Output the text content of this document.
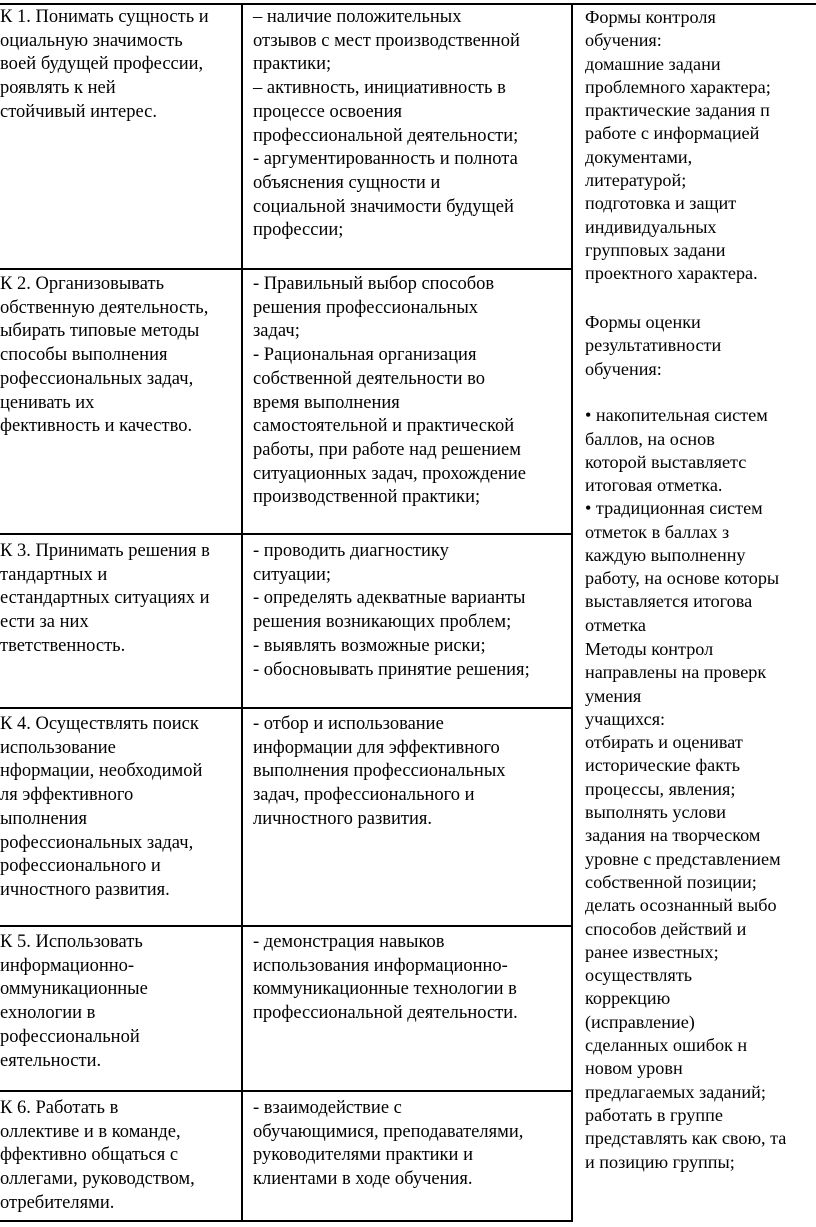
К 1. Понимать сущность и
оциальную значимость
воей будущей профессии,
роявлять к ней
стойчивый интерес.
К 2. Организовывать
обственную деятельность,
ыбирать типовые методы
способы выполнения
рофессиональных задач,
ценивать их
фективность и качество.
К 3. Принимать решения в
тандартных и
естандартных ситуациях и
ести за них
тветственность.
К 4. Осуществлять поиск
использование
нформации, необходимой
ля эффективного
ыполнения
рофессиональных задач,
рофессионального и
ичностного развития.
К 5. Использовать
информационно-
оммуникационные
ехнологии в
рофессиональной
еятельности.
К 6. Работать в
оллективе и в команде,
ффективно общаться с
оллегами, руководством,
отребителями.
– наличие положительных
отзывов с мест производственной
практики;
– активность, инициативность в
процессе освоения
профессиональной деятельности;
- аргументированность и полнота
объяснения сущности и
социальной значимости будущей
профессии;
- Правильный выбор способов
решения профессиональных
задач;
- Рациональная организация
собственной деятельности во
время выполнения
самостоятельной и практической
работы, при работе над решением
ситуационных задач, прохождение
производственной практики;
- проводить диагностику
ситуации;
- определять адекватные варианты
решения возникающих проблем;
- выявлять возможные риски;
- обосновывать принятие решения;
- отбор и использование
информации для эффективного
выполнения профессиональных
задач, профессионального и
личностного развития.
- демонстрация навыков
использования информационно-
коммуникационные технологии в
профессиональной деятельности.
- взаимодействие с
обучающимися, преподавателями,
руководителями практики и
клиентами в ходе обучения.
Формы контроля
обучения:
домашние задани
проблемного характера;
практические задания п
работе с информацией
документами,
литературой;
подготовка и защит
индивидуальных
групповых задани
проектного характера.
Формы оценки
результативности
обучения:

• накопительная систем
баллов, на основ
которой выставляетс
итоговая отметка.

• традиционная систем
отметок в баллах з
каждую выполненну
работу, на основе которы
выставляется итогова
отметка

Методы контрол
направлены на проверк
умения
учащихся:
отбирать и оцениват
исторические факть
процессы, явления;
выполнять услови
задания на творческом
уровне с представлением
собственной позиции;
делать осознанный выбо
способов действий и
ранее известных;
осуществлять
коррекцию
(исправление)
сделанных ошибок н
новом уровн
предлагаемых заданий;
работать в группе
представлять как свою, та
и позицию группы;
